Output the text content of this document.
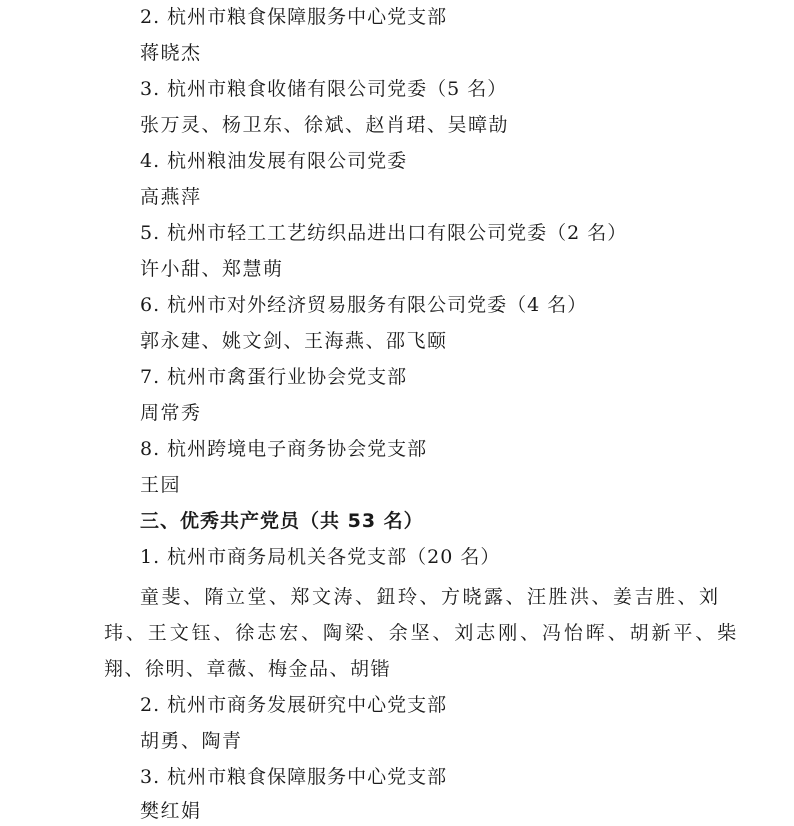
2. 杭州市粮食保障服务中心党支部
蒋晓杰
3. 杭州市粮食收储有限公司党委（5 名）
张万灵、杨卫东、徐斌、赵肖珺、吴暲劼
4. 杭州粮油发展有限公司党委
高燕萍
5. 杭州市轻工工艺纺织品进出口有限公司党委（2 名）
许小甜、郑慧萌
6. 杭州市对外经济贸易服务有限公司党委（4 名）
郭永建、姚文剑、王海燕、邵飞颐
7. 杭州市禽蛋行业协会党支部
周常秀
8. 杭州跨境电子商务协会党支部
王园
三、优秀共产党员（共 53 名）
1. 杭州市商务局机关各党支部（20 名）
童斐、隋立堂、郑文涛、鈕玲、方晓露、汪胜洪、姜吉胜、刘
玮、王文钰、徐志宏、陶梁、余坚、刘志刚、冯怡晖、胡新平、柴
翔、徐明、章薇、梅金品、胡锴
2. 杭州市商务发展研究中心党支部
胡勇、陶青
3. 杭州市粮食保障服务中心党支部
樊红娟
